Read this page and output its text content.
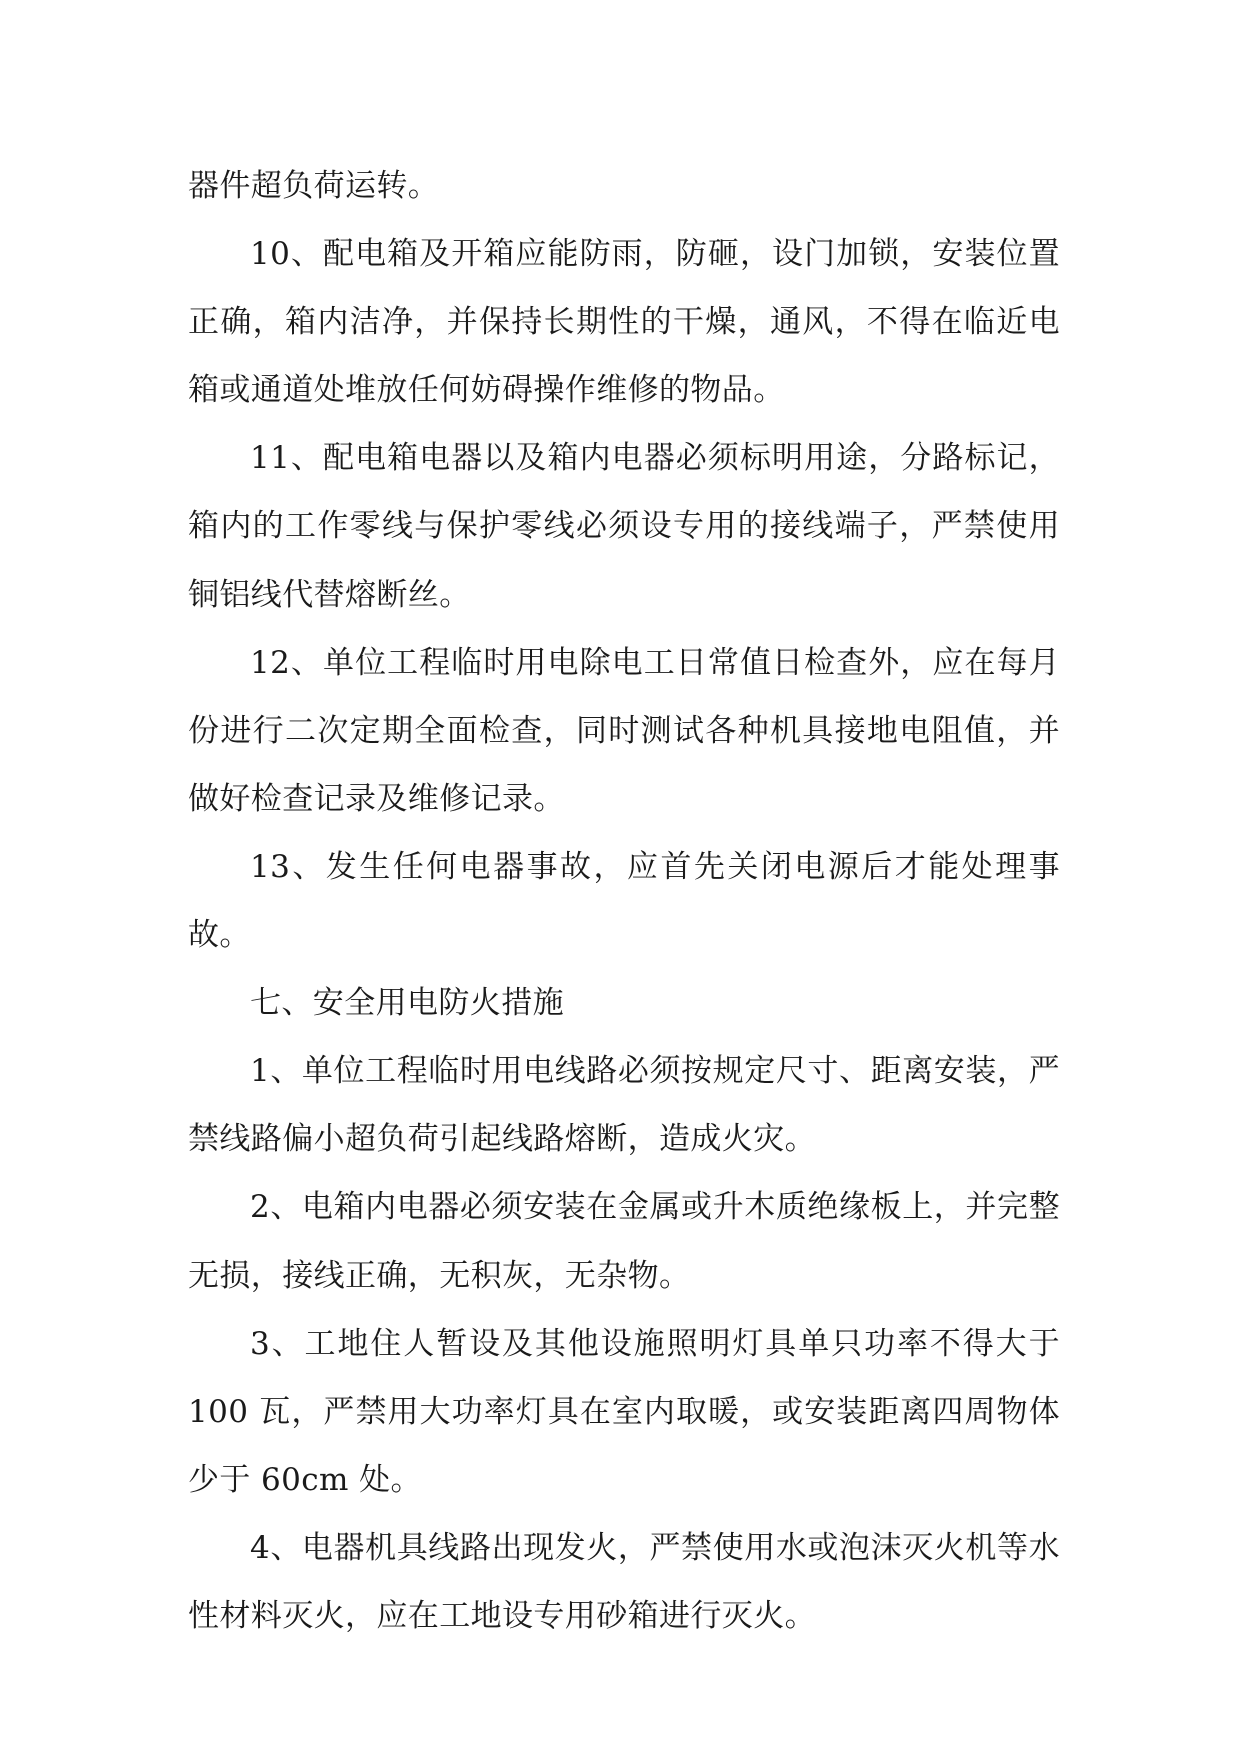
器件超负荷运转。

10、配电箱及开箱应能防雨，防砸，设门加锁，安装位置正确，箱内洁净，并保持长期性的干燥，通风，不得在临近电箱或通道处堆放任何妨碍操作维修的物品。

11、配电箱电器以及箱内电器必须标明用途，分路标记，箱内的工作零线与保护零线必须设专用的接线端子，严禁使用铜铝线代替熔断丝。

12、单位工程临时用电除电工日常值日检查外，应在每月份进行二次定期全面检查，同时测试各种机具接地电阻值，并做好检查记录及维修记录。

13、发生任何电器事故，应首先关闭电源后才能处理事故。

七、安全用电防火措施

1、单位工程临时用电线路必须按规定尺寸、距离安装，严禁线路偏小超负荷引起线路熔断，造成火灾。

2、电箱内电器必须安装在金属或升木质绝缘板上，并完整无损，接线正确，无积灰，无杂物。

3、工地住人暂设及其他设施照明灯具单只功率不得大于 100 瓦，严禁用大功率灯具在室内取暖，或安装距离四周物体少于 60cm 处。

4、电器机具线路出现发火，严禁使用水或泡沫灭火机等水性材料灭火，应在工地设专用砂箱进行灭火。
